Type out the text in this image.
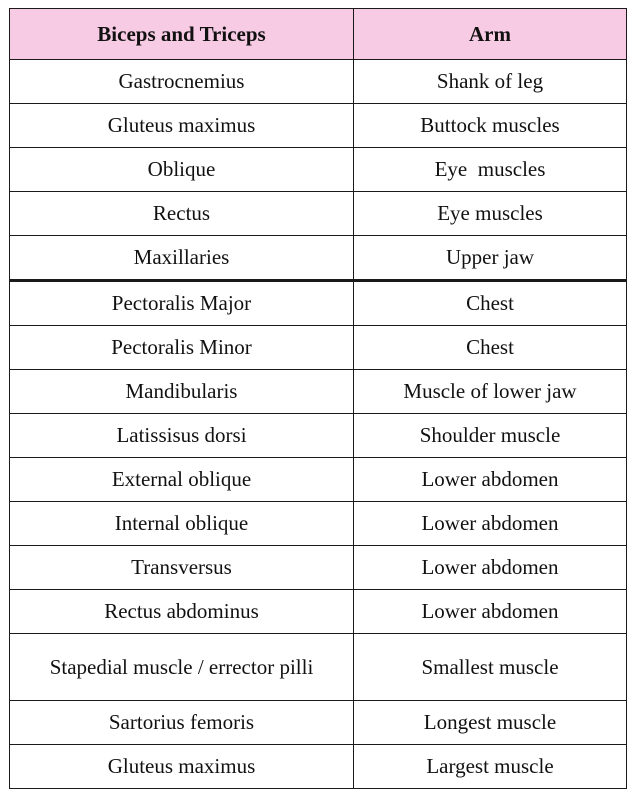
Biceps and Triceps	Arm
Gastrocnemius	Shank of leg
Gluteus maximus	Buttock muscles
Oblique	Eye  muscles
Rectus	Eye muscles
Maxillaries	Upper jaw
Pectoralis Major	Chest
Pectoralis Minor	Chest
Mandibularis	Muscle of lower jaw
Latissisus dorsi	Shoulder muscle
External oblique	Lower abdomen
Internal oblique	Lower abdomen
Transversus	Lower abdomen
Rectus abdominus	Lower abdomen
Stapedial muscle / errector pilli	Smallest muscle
Sartorius femoris	Longest muscle
Gluteus maximus	Largest muscle
